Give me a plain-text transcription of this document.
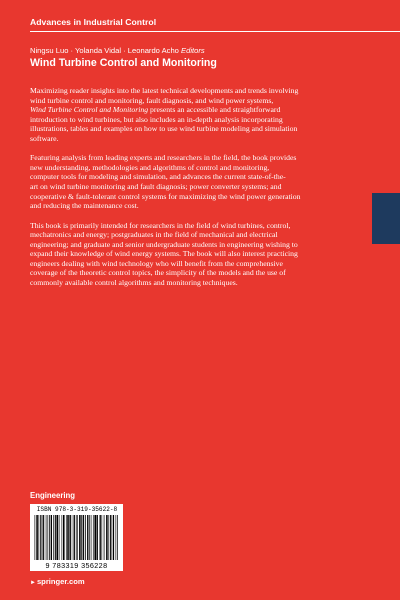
Advances in Industrial Control
Ningsu Luo · Yolanda Vidal · Leonardo Acho Editors
Wind Turbine Control and Monitoring

Maximizing reader insights into the latest technical developments and trends involving
wind turbine control and monitoring, fault diagnosis, and wind power systems,
Wind Turbine Control and Monitoring presents an accessible and straightforward
introduction to wind turbines, but also includes an in-depth analysis incorporating
illustrations, tables and examples on how to use wind turbine modeling and simulation
software.

Featuring analysis from leading experts and researchers in the field, the book provides
new understanding, methodologies and algorithms of control and monitoring,
computer tools for modeling and simulation, and advances the current state-of-the-
art on wind turbine monitoring and fault diagnosis; power converter systems; and
cooperative & fault-tolerant control systems for maximizing the wind power generation
and reducing the maintenance cost.

This book is primarily intended for researchers in the field of wind turbines, control,
mechatronics and energy; postgraduates in the field of mechanical and electrical
engineering; and graduate and senior undergraduate students in engineering wishing to
expand their knowledge of wind energy systems. The book will also interest practicing
engineers dealing with wind technology who will benefit from the comprehensive
coverage of the theoretic control topics, the simplicity of the models and the use of
commonly available control algorithms and monitoring techniques.

Engineering
ISBN 978-3-319-35622-8
9 783319 356228
►springer.com
